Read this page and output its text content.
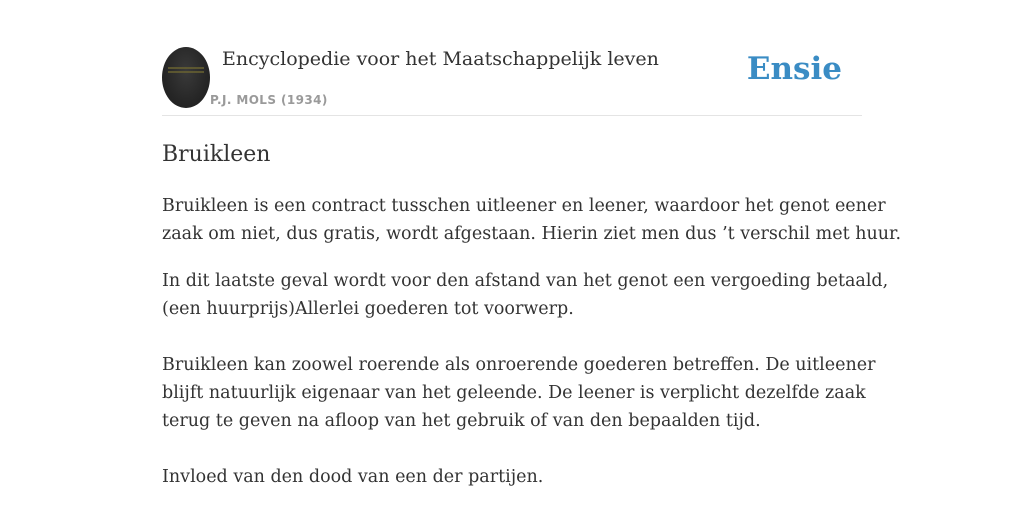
Encyclopedie voor het Maatschappelijk leven
P.J. MOLS (1934)
Ensie
Bruikleen

Bruikleen is een contract tusschen uitleener en leener, waardoor het genot eener

zaak om niet, dus gratis, wordt afgestaan. Hierin ziet men dus ’t verschil met huur.

In dit laatste geval wordt voor den afstand van het genot een vergoeding betaald,

(een huurprijs)Allerlei goederen tot voorwerp.

Bruikleen kan zoowel roerende als onroerende goederen betreffen. De uitleener

blijft natuurlijk eigenaar van het geleende. De leener is verplicht dezelfde zaak

terug te geven na afloop van het gebruik of van den bepaalden tijd.

Invloed van den dood van een der partijen.
